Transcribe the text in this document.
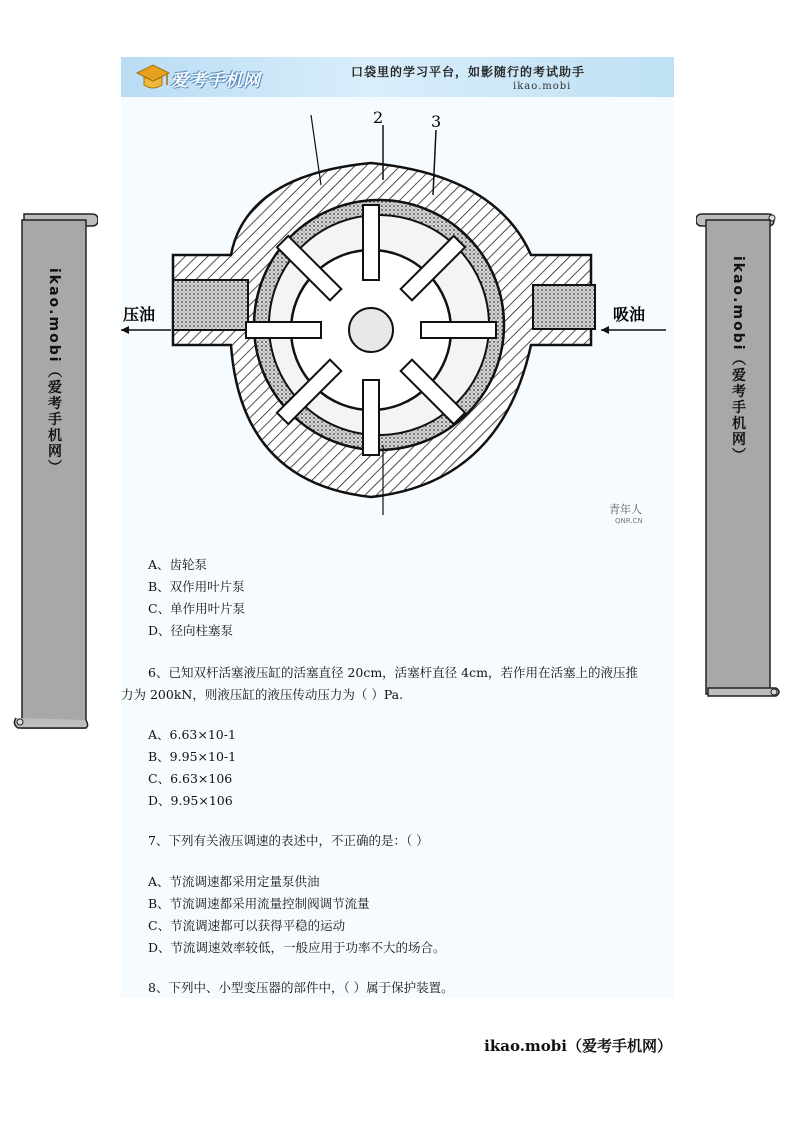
爱考手机网	口袋里的学习平台，如影随行的考试助手
ikao.mobi
2	3
压油	吸油
青年人
QNR.CN
A、齿轮泵
B、双作用叶片泵
C、单作用叶片泵
D、径向柱塞泵
6、已知双杆活塞液压缸的活塞直径 20cm，活塞杆直径 4cm，若作用在活塞上的液压推
力为 200kN，则液压缸的液压传动压力为（ ）Pa.
A、6.63×10-1
B、9.95×10-1
C、6.63×106
D、9.95×106
7、下列有关液压调速的表述中，不正确的是：（ ）
A、节流调速都采用定量泵供油
B、节流调速都采用流量控制阀调节流量
C、节流调速都可以获得平稳的运动
D、节流调速效率较低，一般应用于功率不大的场合。
8、下列中、小型变压器的部件中，（ ）属于保护装置。
ikao.mobi（爱考手机网）	ikao.mobi（爱考手机网）
ikao.mobi（爱考手机网）
